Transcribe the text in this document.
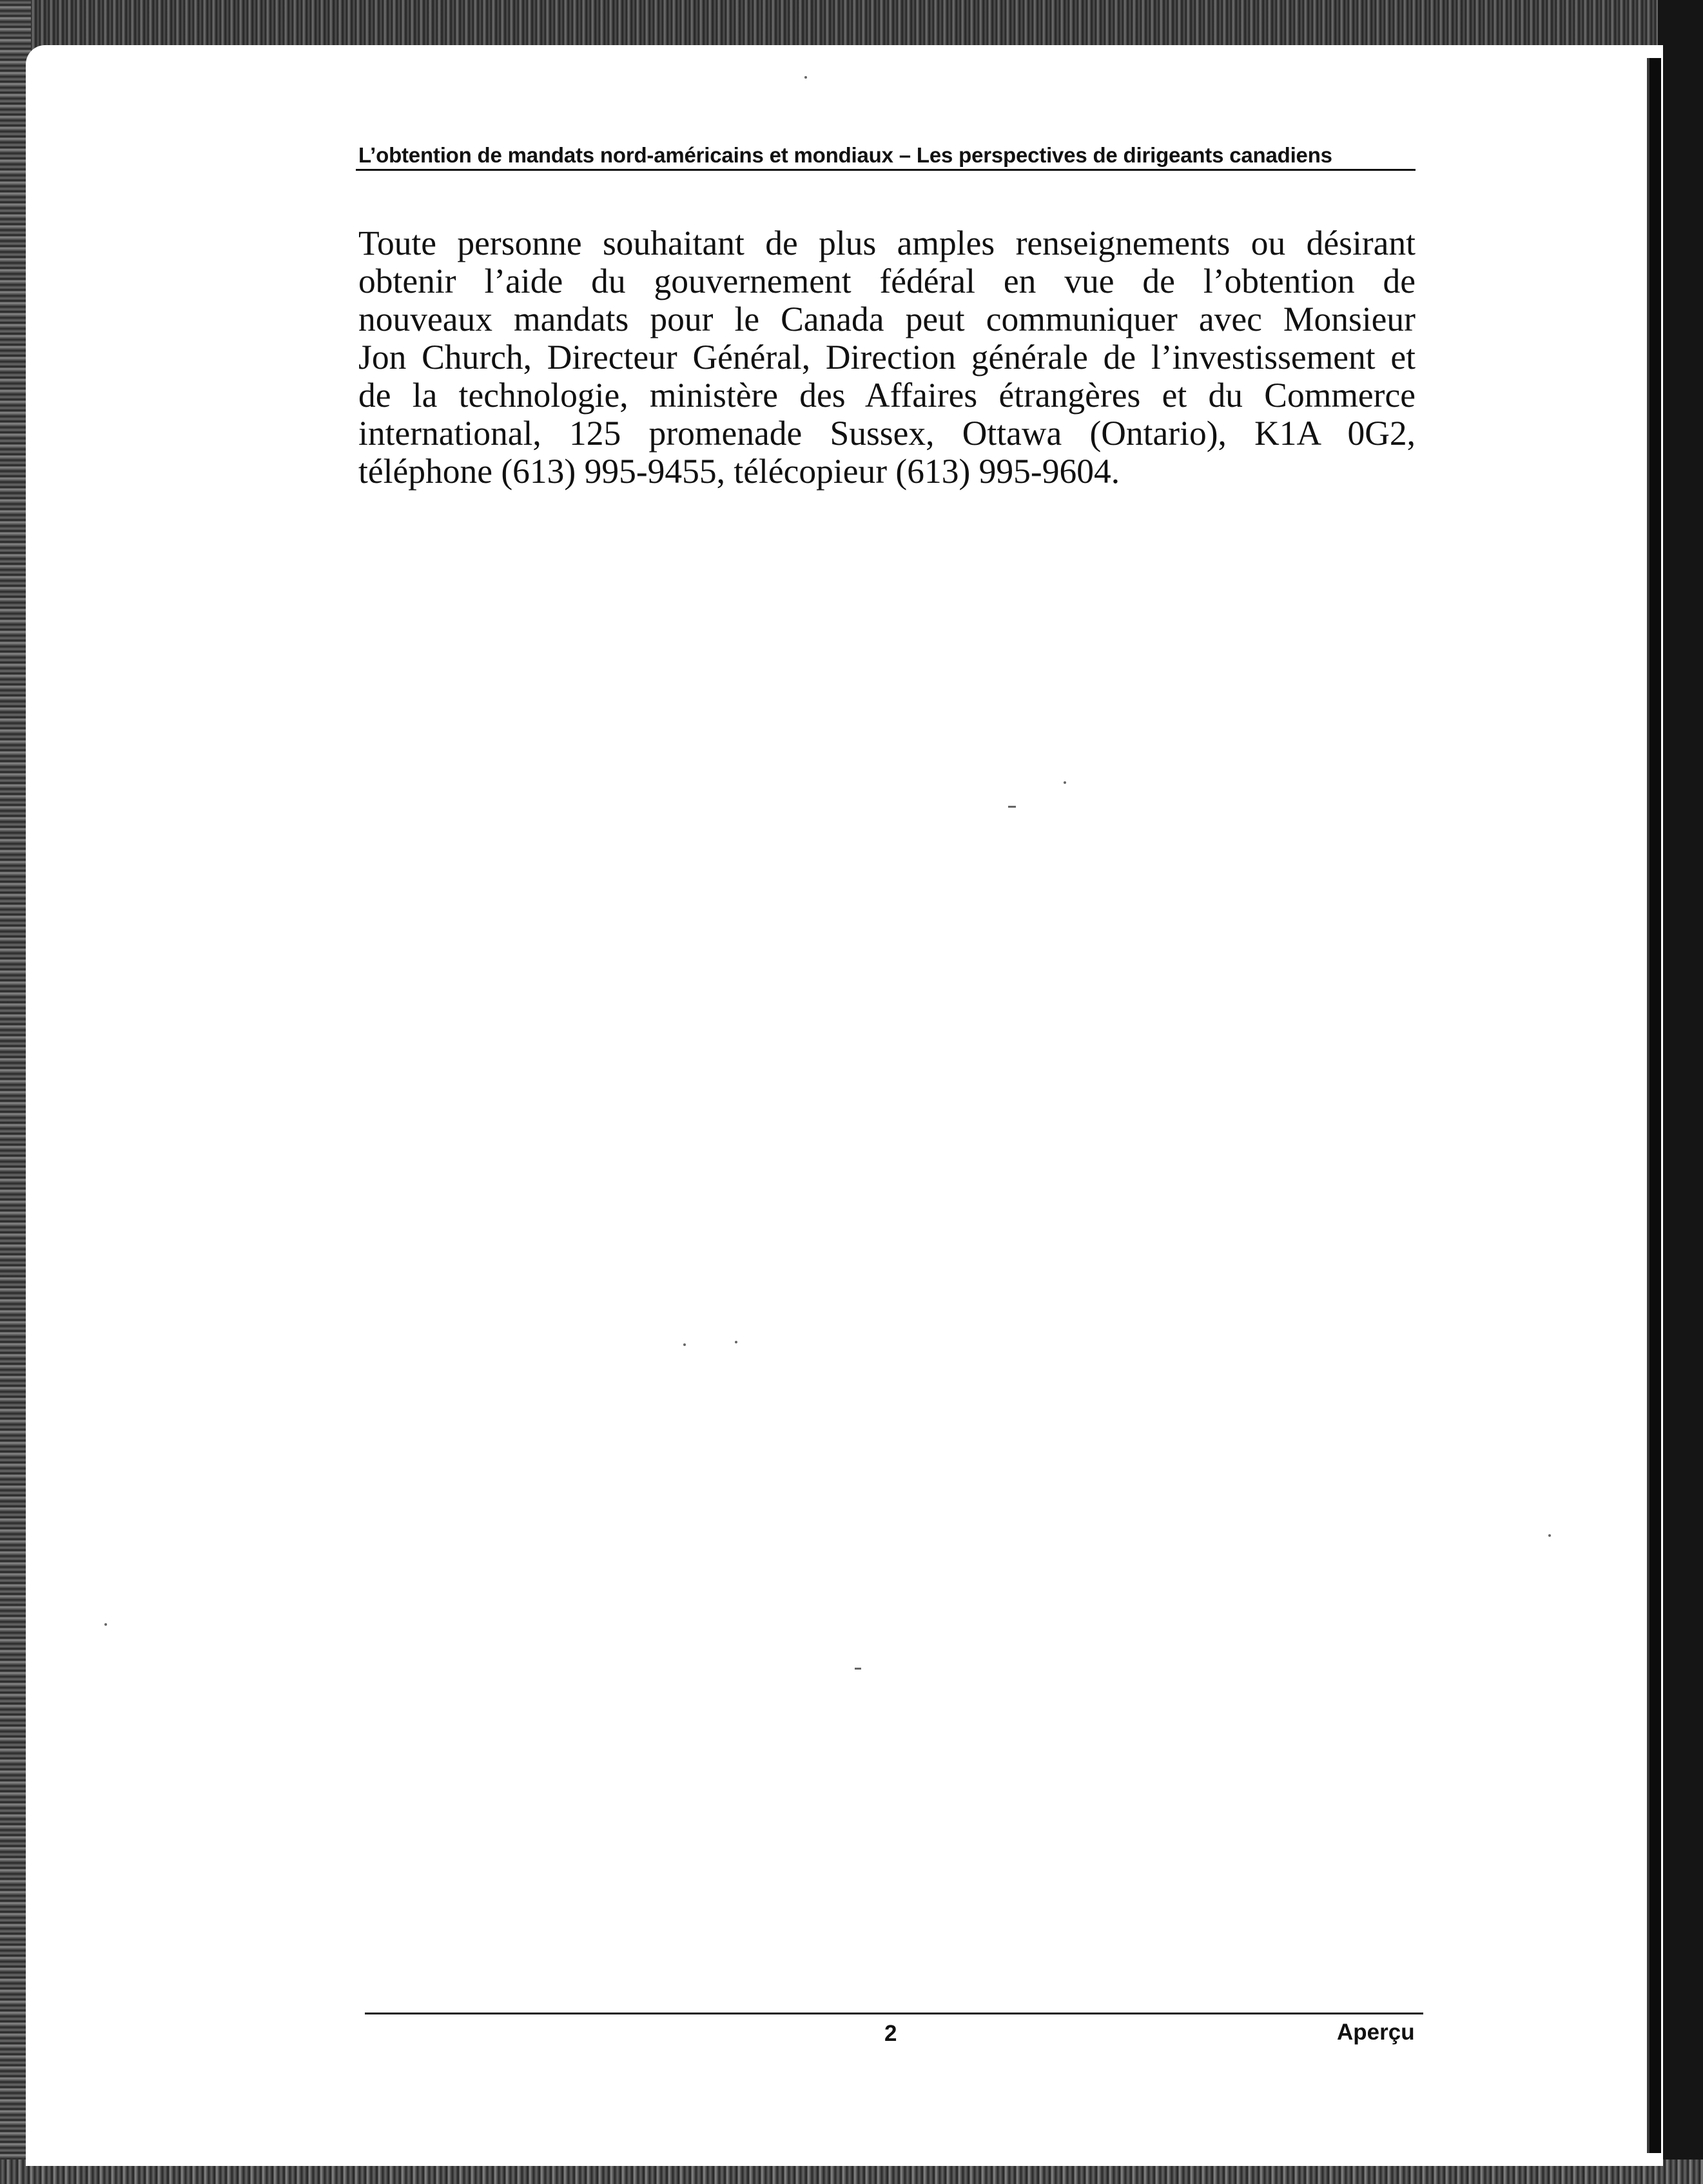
L’obtention de mandats nord-américains et mondiaux – Les perspectives de dirigeants canadiens
Toute personne souhaitant de plus amples renseignements ou désirant
obtenir l’aide du gouvernement fédéral en vue de l’obtention de
nouveaux mandats pour le Canada peut communiquer avec Monsieur
Jon Church, Directeur Général, Direction générale de l’investissement et
de la technologie, ministère des Affaires étrangères et du Commerce
international, 125 promenade Sussex, Ottawa (Ontario), K1A 0G2,
téléphone (613) 995-9455, télécopieur (613) 995-9604.
2	Aperçu
